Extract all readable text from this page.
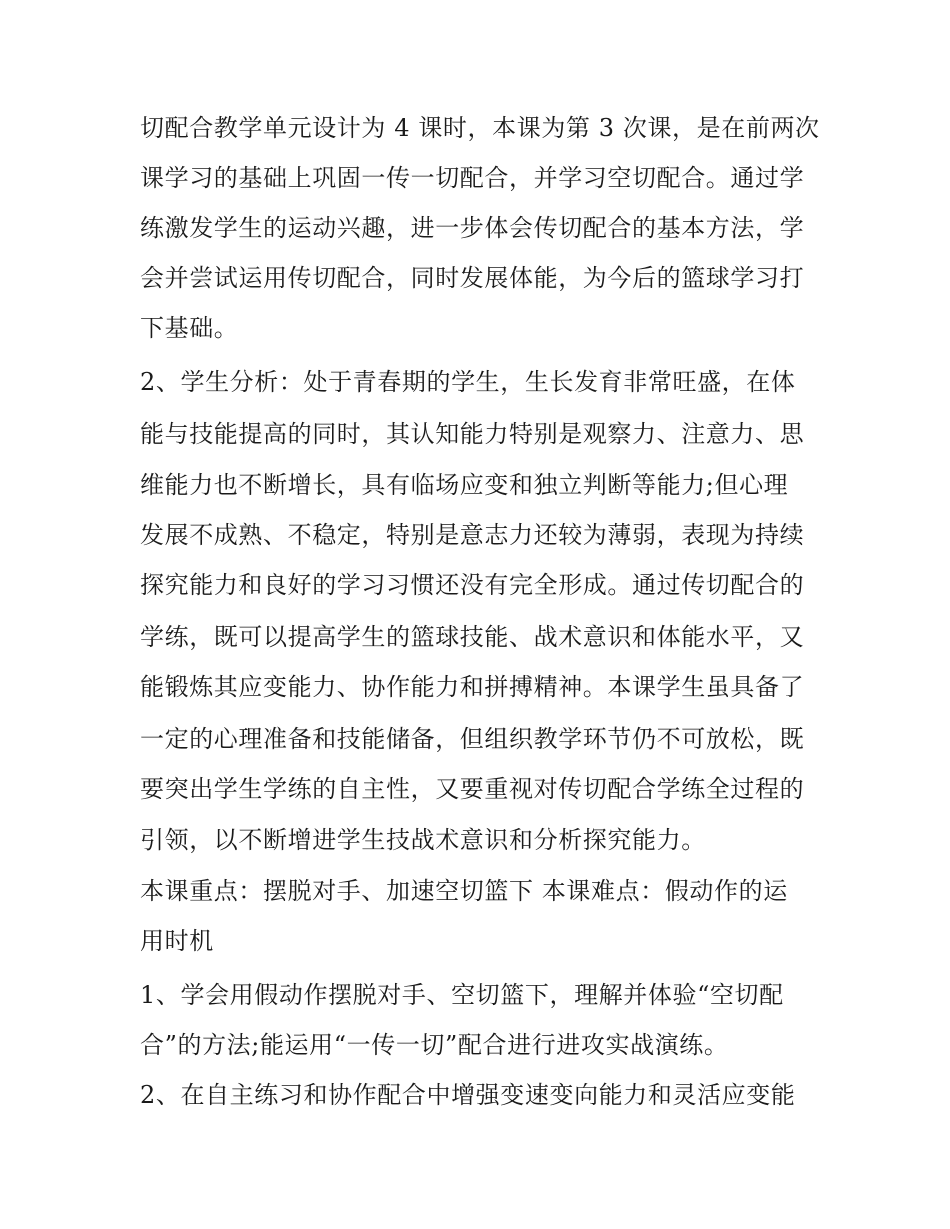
切配合教学单元设计为 4 课时，本课为第 3 次课，是在前两次
课学习的基础上巩固一传一切配合，并学习空切配合。通过学
练激发学生的运动兴趣，进一步体会传切配合的基本方法，学
会并尝试运用传切配合，同时发展体能，为今后的篮球学习打
下基础。
2、学生分析：处于青春期的学生，生长发育非常旺盛，在体
能与技能提高的同时，其认知能力特别是观察力、注意力、思
维能力也不断增长，具有临场应变和独立判断等能力;但心理
发展不成熟、不稳定，特别是意志力还较为薄弱，表现为持续
探究能力和良好的学习习惯还没有完全形成。通过传切配合的
学练，既可以提高学生的篮球技能、战术意识和体能水平，又
能锻炼其应变能力、协作能力和拼搏精神。本课学生虽具备了
一定的心理准备和技能储备，但组织教学环节仍不可放松，既
要突出学生学练的自主性，又要重视对传切配合学练全过程的
引领，以不断增进学生技战术意识和分析探究能力。
本课重点：摆脱对手、加速空切篮下 本课难点：假动作的运
用时机
1、学会用假动作摆脱对手、空切篮下，理解并体验“空切配
合”的方法;能运用“一传一切”配合进行进攻实战演练。
2、在自主练习和协作配合中增强变速变向能力和灵活应变能
